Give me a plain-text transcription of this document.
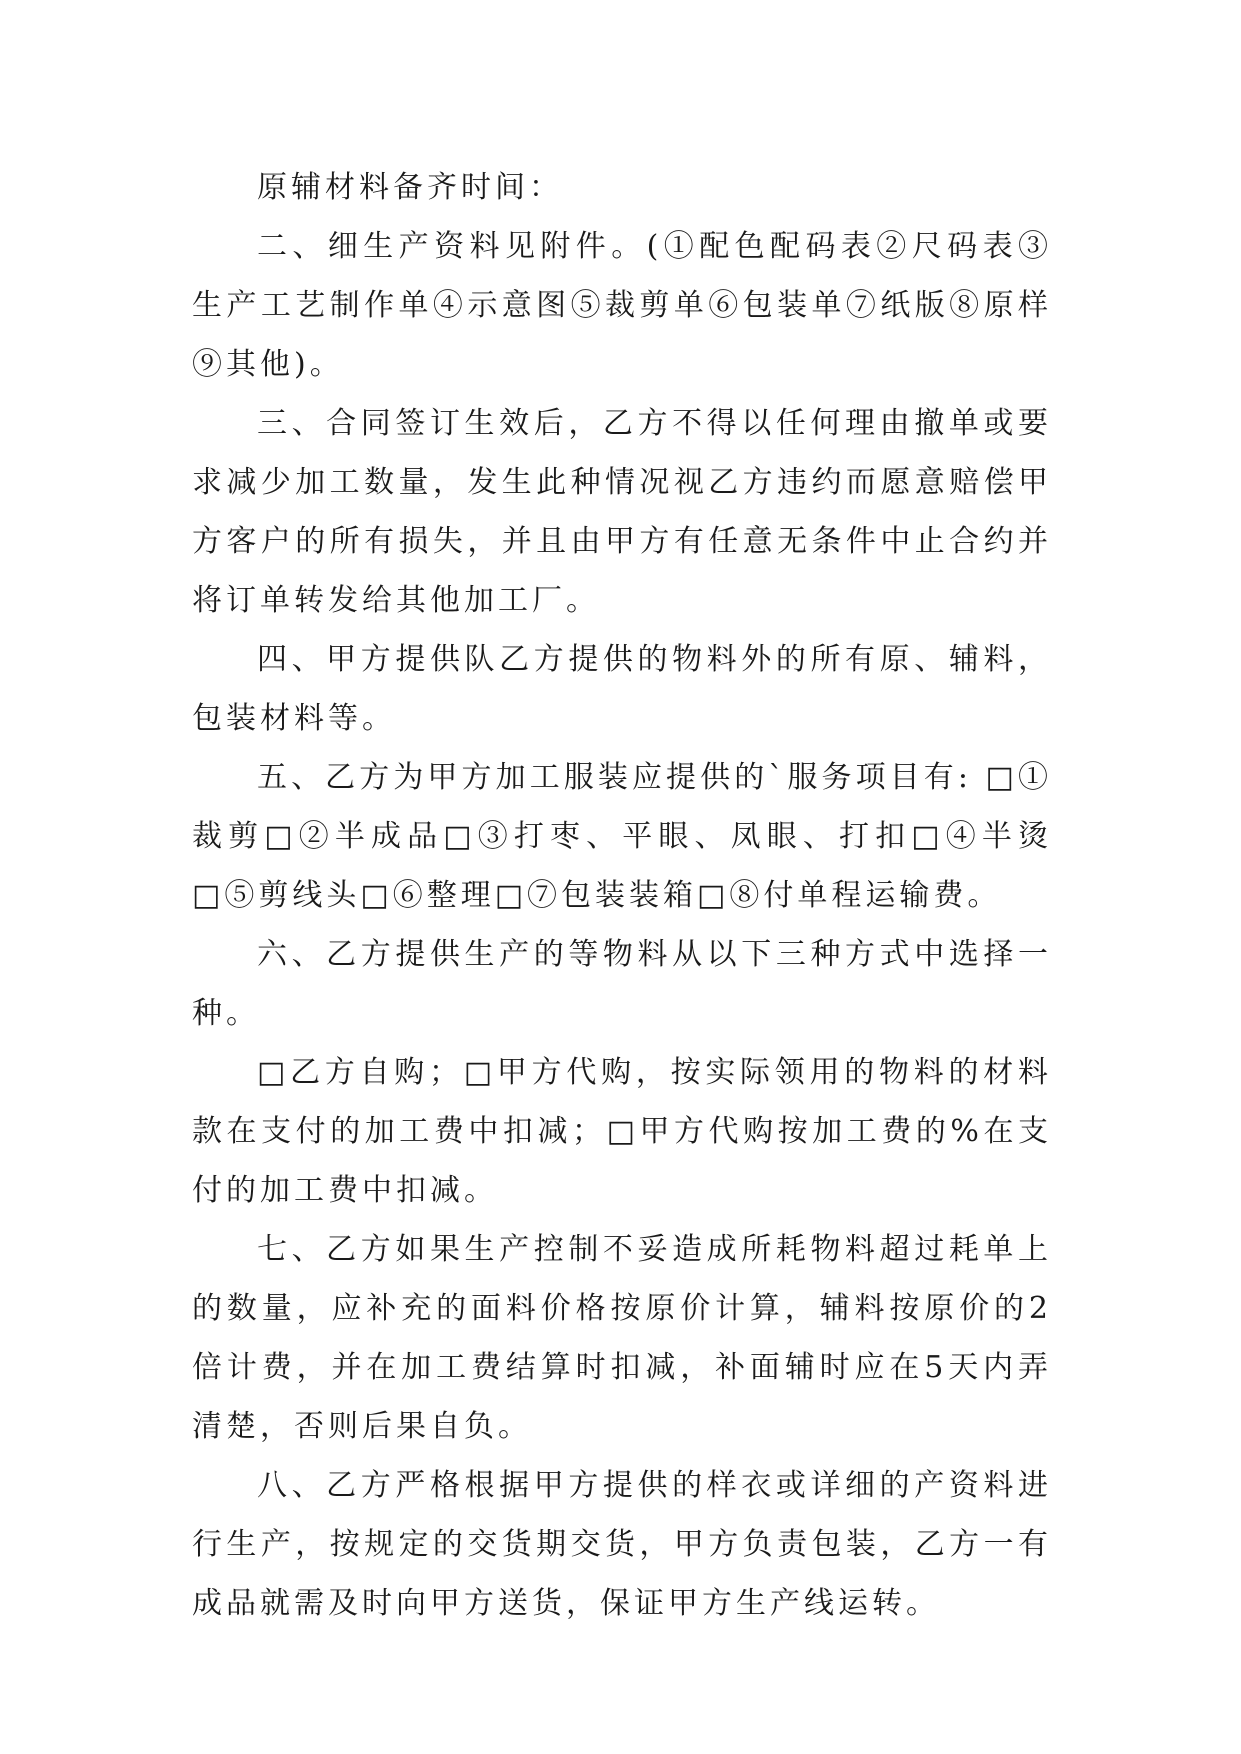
原辅材料备齐时间：

二、细生产资料见附件。(①配色配码表②尺码表③生产工艺制作单④示意图⑤裁剪单⑥包装单⑦纸版⑧原样⑨其他)。

三、合同签订生效后，乙方不得以任何理由撤单或要求减少加工数量，发生此种情况视乙方违约而愿意赔偿甲方客户的所有损失，并且由甲方有任意无条件中止合约并将订单转发给其他加工厂。

四、甲方提供队乙方提供的物料外的所有原、辅料，包装材料等。

五、乙方为甲方加工服装应提供的`服务项目有: □①裁剪□②半成品□③打枣、平眼、凤眼、打扣□④半烫□⑤剪线头□⑥整理□⑦包装装箱□⑧付单程运输费。

六、乙方提供生产的等物料从以下三种方式中选择一种。

□乙方自购；□甲方代购，按实际领用的物料的材料款在支付的加工费中扣减；□甲方代购按加工费的%在支付的加工费中扣减。

七、乙方如果生产控制不妥造成所耗物料超过耗单上的数量，应补充的面料价格按原价计算，辅料按原价的2倍计费，并在加工费结算时扣减，补面辅时应在5天内弄清楚，否则后果自负。

八、乙方严格根据甲方提供的样衣或详细的产资料进行生产，按规定的交货期交货，甲方负责包装，乙方一有成品就需及时向甲方送货，保证甲方生产线运转。
